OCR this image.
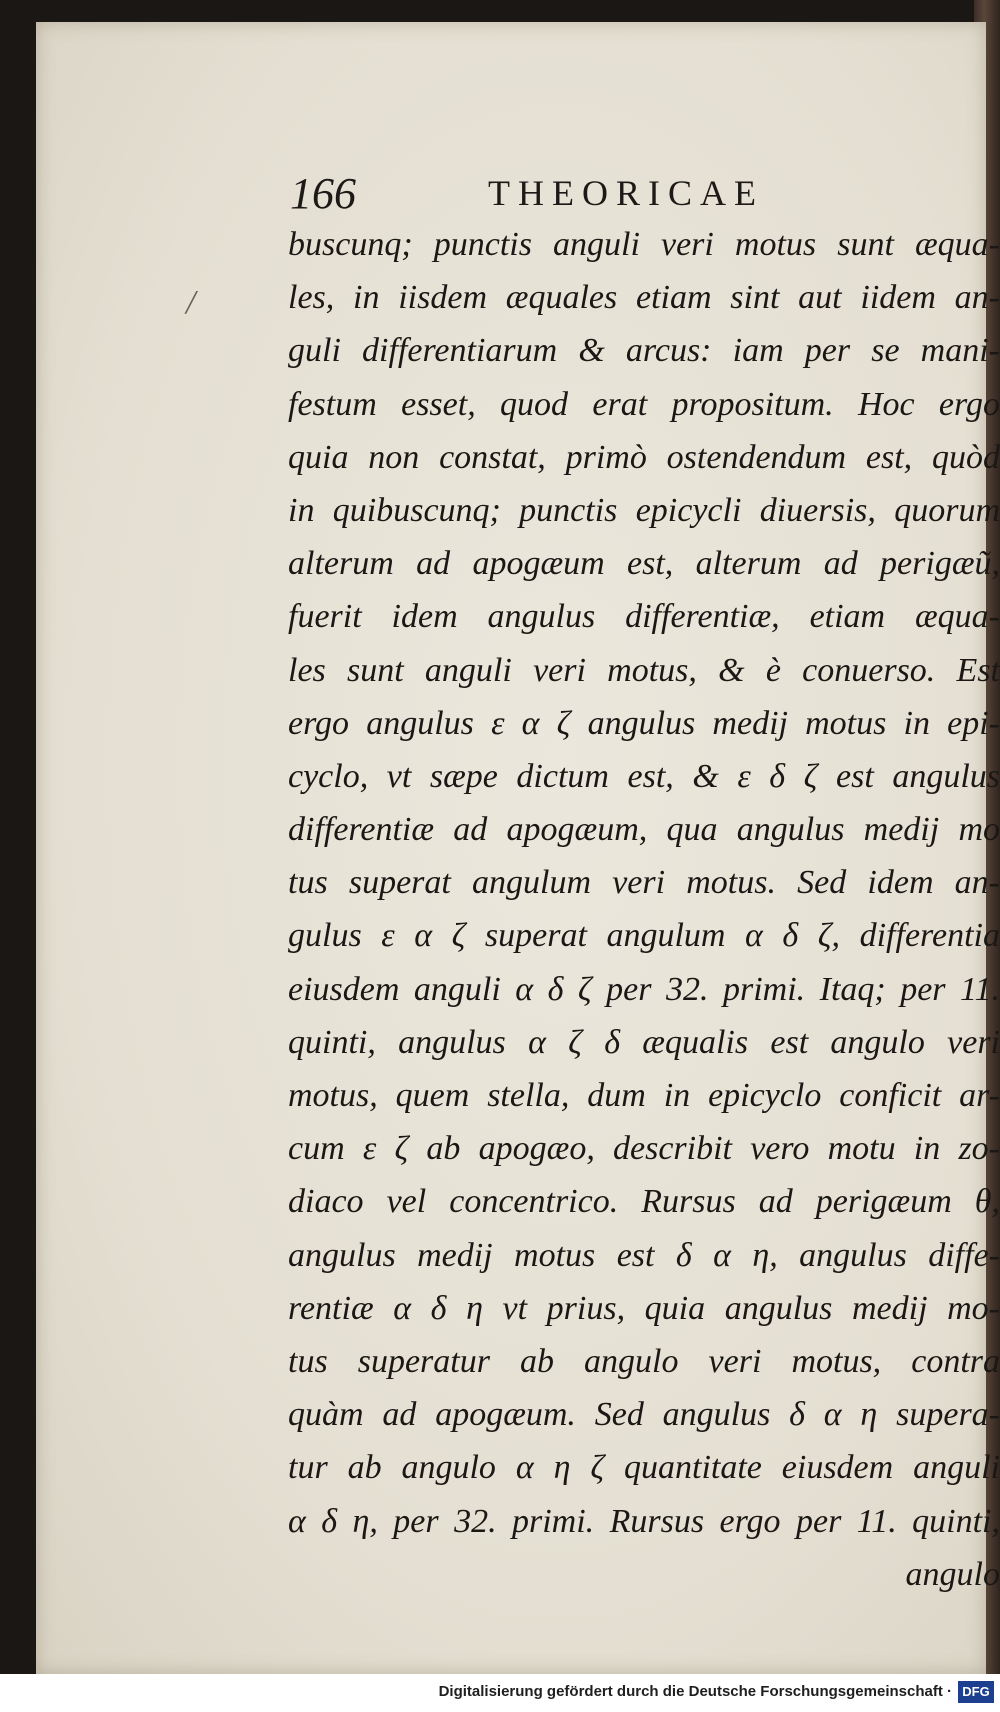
166	THEORICAE
/
buscunq; punctis anguli veri motus sunt æqua-
les, in iisdem æquales etiam sint aut iidem an-
guli differentiarum & arcus: iam per se mani-
festum esset, quod erat propositum. Hoc ergo
quia non constat, primò ostendendum est, quòd
in quibuscunq; punctis epicycli diuersis, quorum
alterum ad apogæum est, alterum ad perigæũ,
fuerit idem angulus differentiæ, etiam æqua-
les sunt anguli veri motus, & è conuerso. Est
ergo angulus ε α ζ angulus medij motus in epi-
cyclo, vt sæpe dictum est, & ε δ ζ est angulus
differentiæ ad apogæum, qua angulus medij mo
tus superat angulum veri motus. Sed idem an-
gulus ε α ζ superat angulum α δ ζ, differentia
eiusdem anguli α δ ζ per 32. primi. Itaq; per 11.
quinti, angulus α ζ δ æqualis est angulo veri
motus, quem stella, dum in epicyclo conficit ar-
cum ε ζ ab apogæo, describit vero motu in zo-
diaco vel concentrico. Rursus ad perigæum θ,
angulus medij motus est δ α η, angulus diffe-
rentiæ α δ η vt prius, quia angulus medij mo-
tus superatur ab angulo veri motus, contra
quàm ad apogæum. Sed angulus δ α η superа-
tur ab angulo α η ζ quantitate eiusdem anguli
α δ η, per 32. primi. Rursus ergo per 11. quinti,
angulo
Digitalisierung gefördert durch die Deutsche Forschungsgemeinschaft · DFG
